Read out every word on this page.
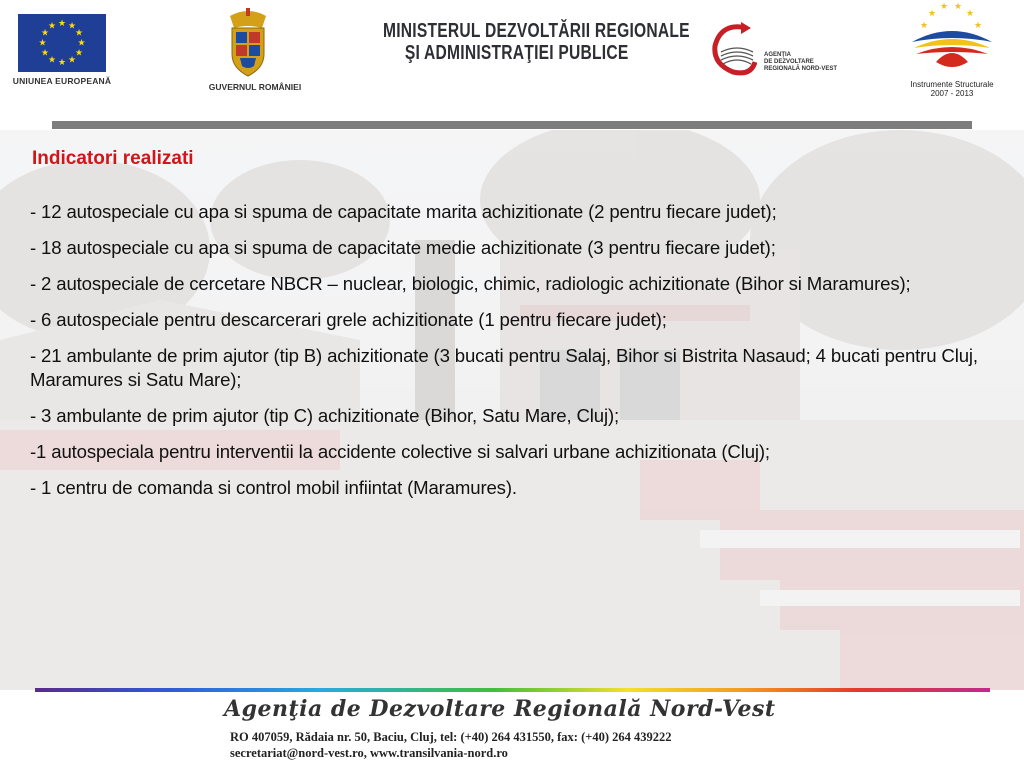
★ ★
★
★
★
★
★
★
★
★
★
★
UNIUNEA EUROPEANĂ
GUVERNUL ROMÂNIEI
MINISTERUL DEZVOLTĂRII REGIONALE
ŞI ADMINISTRAŢIEI PUBLICE	AGENŢIA
DE DEZVOLTARE
REGIONALĂ NORD-VEST
★
★
★ ★
★
★
Instrumente Structurale
2007 - 2013
Indicatori realizati
- 12 autospeciale cu apa si spuma de capacitate marita achizitionate (2 pentru fiecare judet);
- 18 autospeciale cu apa si spuma de capacitate medie achizitionate (3 pentru fiecare judet);
- 2 autospeciale de cercetare NBCR – nuclear, biologic, chimic, radiologic achizitionate (Bihor si Maramures);
- 6 autospeciale pentru descarcerari grele achizitionate (1 pentru fiecare judet);
- 21 ambulante de prim ajutor (tip B) achizitionate (3 bucati pentru Salaj, Bihor si Bistrita Nasaud; 4 bucati pentru Cluj, Maramures si Satu Mare);
- 3 ambulante de prim ajutor (tip C) achizitionate (Bihor, Satu Mare, Cluj);
-1 autospeciala pentru interventii la accidente colective si salvari urbane achizitionata (Cluj);
- 1 centru de comanda si control mobil infiintat (Maramures).
Agenţia de Dezvoltare Regională Nord-Vest
RO 407059, Rădaia nr. 50, Baciu, Cluj, tel: (+40) 264 431550, fax: (+40) 264 439222
secretariat@nord-vest.ro, www.transilvania-nord.ro
